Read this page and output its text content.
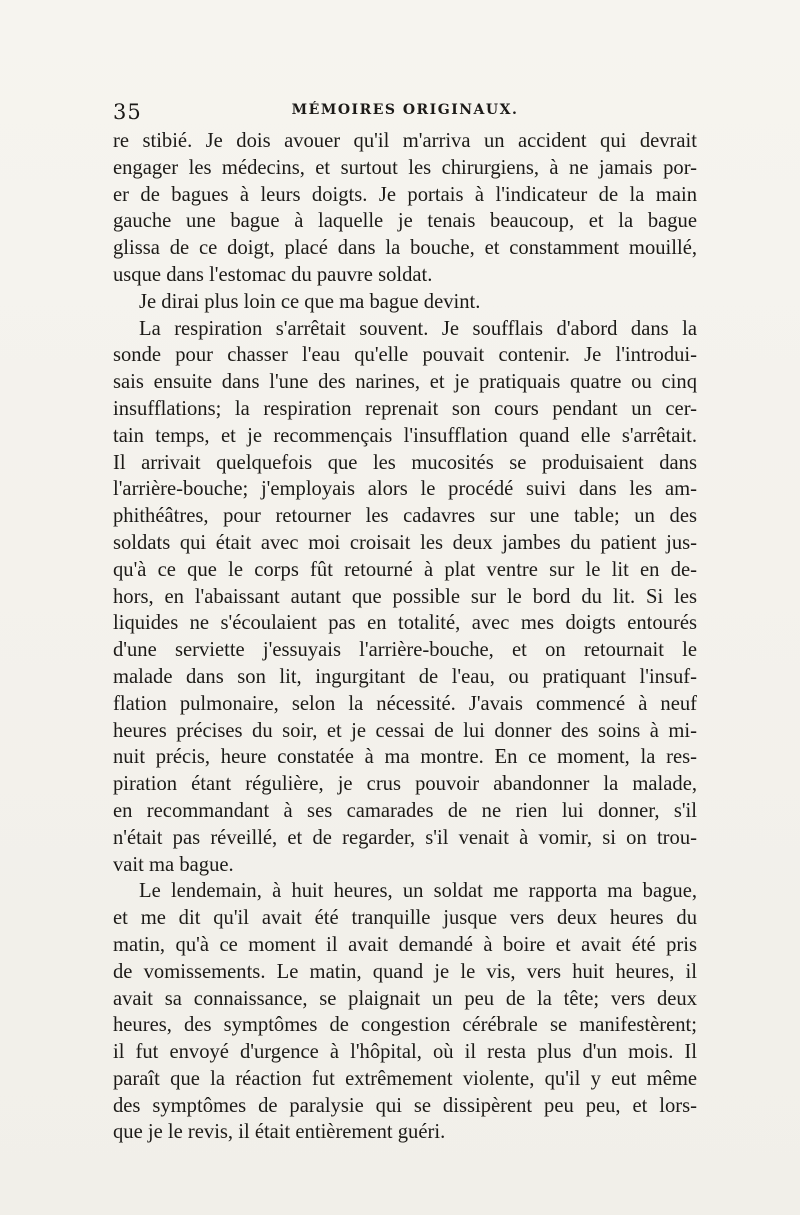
35	MÉMOIRES ORIGINAUX.
re stibié. Je dois avouer qu'il m'arriva un accident qui devrait
engager les médecins, et surtout les chirurgiens, à ne jamais por-
er de bagues à leurs doigts. Je portais à l'indicateur de la main
gauche une bague à laquelle je tenais beaucoup, et la bague
glissa de ce doigt, placé dans la bouche, et constamment mouillé,
usque dans l'estomac du pauvre soldat.
Je dirai plus loin ce que ma bague devint.
La respiration s'arrêtait souvent. Je soufflais d'abord dans la
sonde pour chasser l'eau qu'elle pouvait contenir. Je l'introdui-
sais ensuite dans l'une des narines, et je pratiquais quatre ou cinq
insufflations; la respiration reprenait son cours pendant un cer-
tain temps, et je recommençais l'insufflation quand elle s'arrêtait.
Il arrivait quelquefois que les mucosités se produisaient dans
l'arrière-bouche; j'employais alors le procédé suivi dans les am-
phithéâtres, pour retourner les cadavres sur une table; un des
soldats qui était avec moi croisait les deux jambes du patient jus-
qu'à ce que le corps fût retourné à plat ventre sur le lit en de-
hors, en l'abaissant autant que possible sur le bord du lit. Si les
liquides ne s'écoulaient pas en totalité, avec mes doigts entourés
d'une serviette j'essuyais l'arrière-bouche, et on retournait le
malade dans son lit, ingurgitant de l'eau, ou pratiquant l'insuf-
flation pulmonaire, selon la nécessité. J'avais commencé à neuf
heures précises du soir, et je cessai de lui donner des soins à mi-
nuit précis, heure constatée à ma montre. En ce moment, la res-
piration étant régulière, je crus pouvoir abandonner la malade,
en recommandant à ses camarades de ne rien lui donner, s'il
n'était pas réveillé, et de regarder, s'il venait à vomir, si on trou-
vait ma bague.
Le lendemain, à huit heures, un soldat me rapporta ma bague,
et me dit qu'il avait été tranquille jusque vers deux heures du
matin, qu'à ce moment il avait demandé à boire et avait été pris
de vomissements. Le matin, quand je le vis, vers huit heures, il
avait sa connaissance, se plaignait un peu de la tête; vers deux
heures, des symptômes de congestion cérébrale se manifestèrent;
il fut envoyé d'urgence à l'hôpital, où il resta plus d'un mois. Il
paraît que la réaction fut extrêmement violente, qu'il y eut même
des symptômes de paralysie qui se dissipèrent peu peu, et lors-
que je le revis, il était entièrement guéri.
